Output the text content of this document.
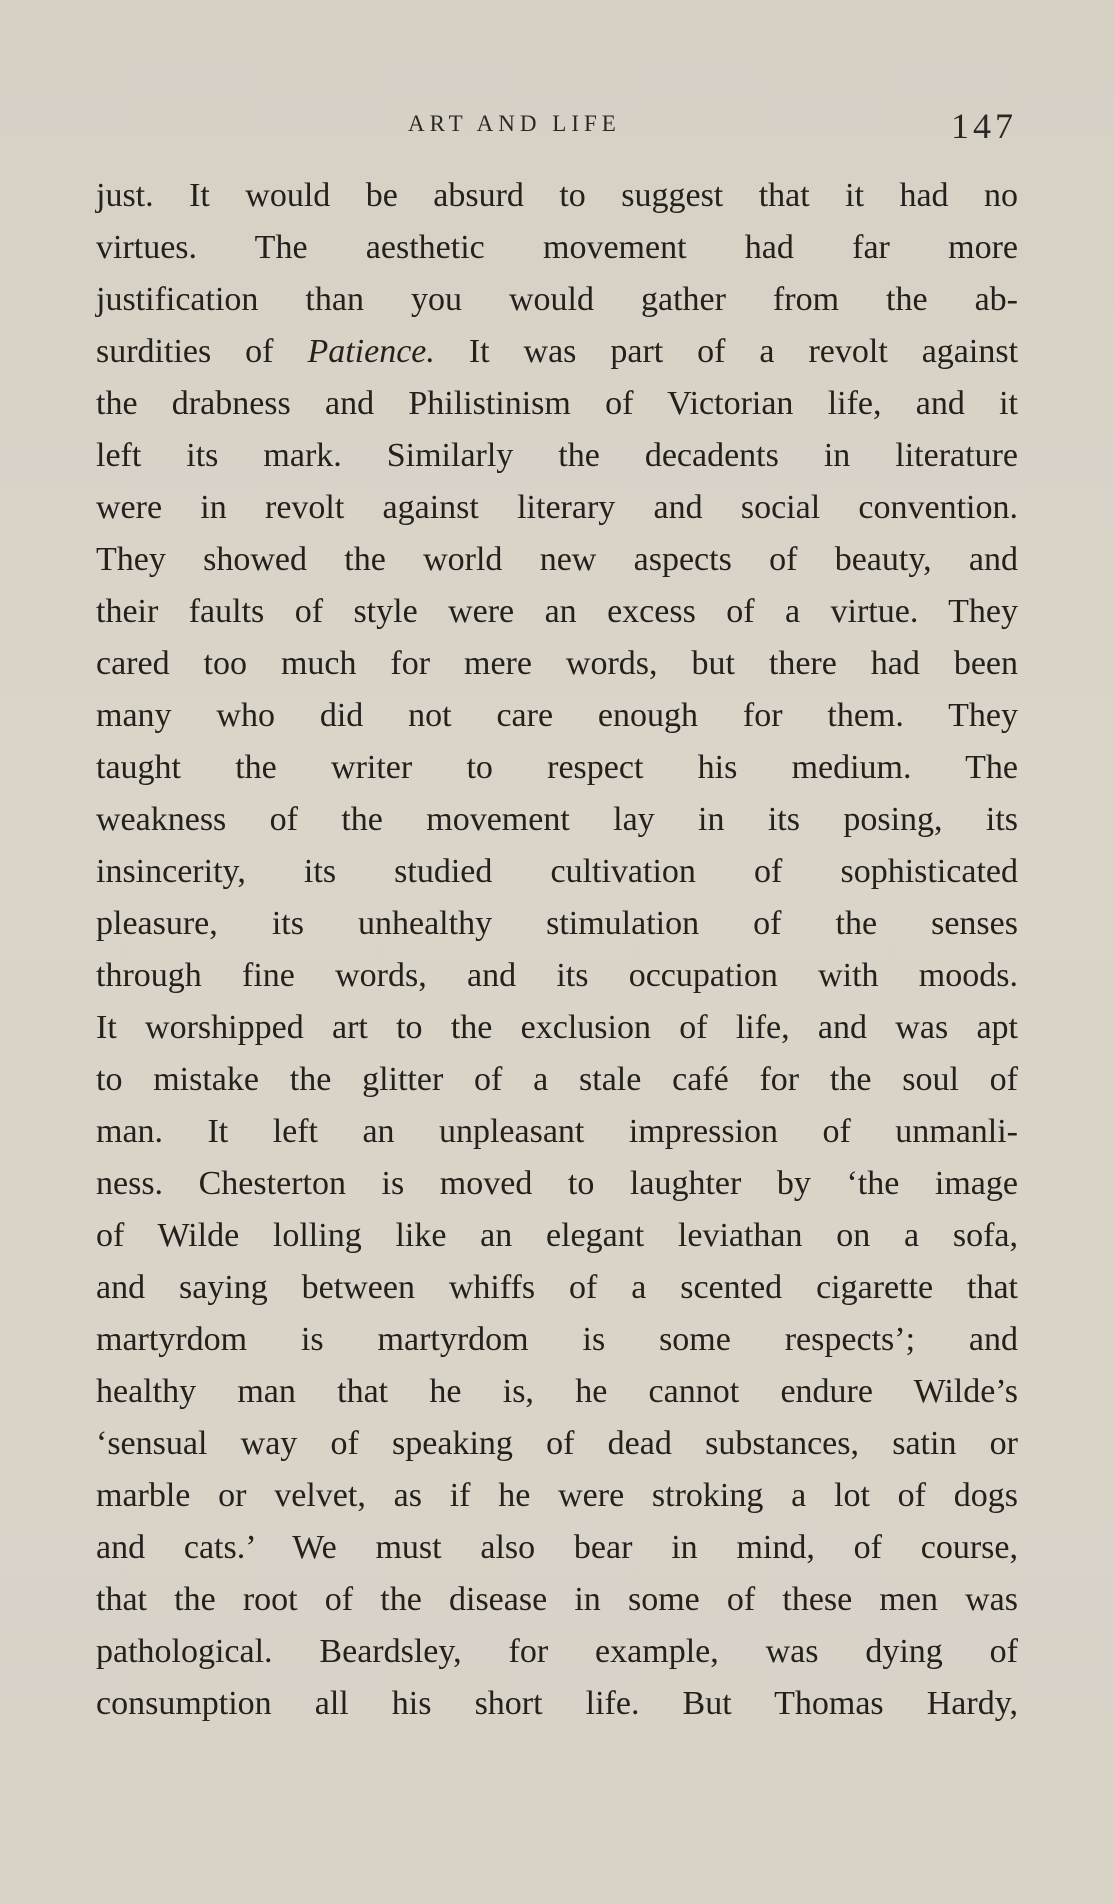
ART AND LIFE	147
just. It would be absurd to suggest that it had no
virtues. The aesthetic movement had far more
justification than you would gather from the ab-
surdities of Patience. It was part of a revolt against
the drabness and Philistinism of Victorian life, and it
left its mark. Similarly the decadents in literature
were in revolt against literary and social convention.
They showed the world new aspects of beauty, and
their faults of style were an excess of a virtue. They
cared too much for mere words, but there had been
many who did not care enough for them. They
taught the writer to respect his medium. The
weakness of the movement lay in its posing, its
insincerity, its studied cultivation of sophisticated
pleasure, its unhealthy stimulation of the senses
through fine words, and its occupation with moods.
It worshipped art to the exclusion of life, and was apt
to mistake the glitter of a stale café for the soul of
man. It left an unpleasant impression of unmanli-
ness. Chesterton is moved to laughter by ‘the image
of Wilde lolling like an elegant leviathan on a sofa,
and saying between whiffs of a scented cigarette that
martyrdom is martyrdom is some respects’; and
healthy man that he is, he cannot endure Wilde’s
‘sensual way of speaking of dead substances, satin or
marble or velvet, as if he were stroking a lot of dogs
and cats.’ We must also bear in mind, of course,
that the root of the disease in some of these men was
pathological. Beardsley, for example, was dying of
consumption all his short life. But Thomas Hardy,
